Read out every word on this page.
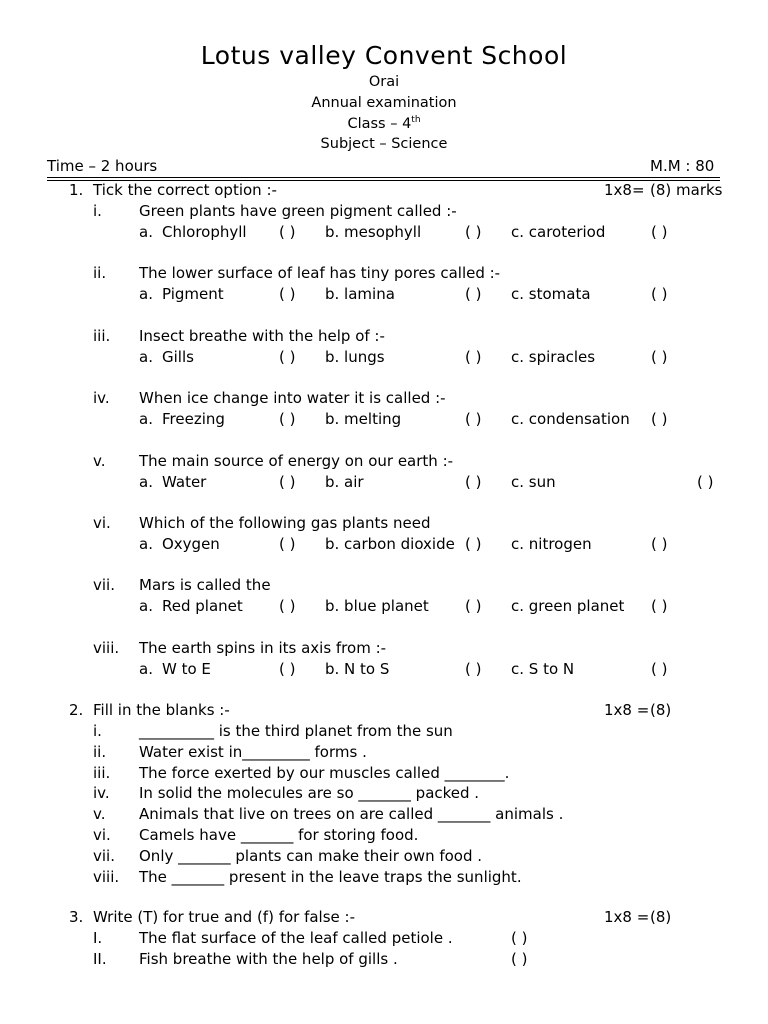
Lotus valley Convent School
Orai
Annual examination
Class – 4th
Subject – Science
Time – 2 hours	M.M : 80
1. Tick the correct option :-	1x8= (8) marks
i. Green plants have green pigment called :-
a. Chlorophyll ( ) b. mesophyll	( ) c. caroteriod	( )
ii. The lower surface of leaf has tiny pores called :-
a. Pigment	( ) b. lamina	( ) c. stomata	( )
iii. Insect breathe with the help of :-
a. Gills	( ) b. lungs	( ) c. spiracles	( )
iv. When ice change into water it is called :-
a. Freezing	( ) b. melting	( ) c. condensation ( )
v. The main source of energy on our earth :-
a. Water	( ) b. air	( ) c. sun	( )
vi. Which of the following gas plants need
a. Oxygen	( ) b. carbon dioxide ( ) c. nitrogen	( )
vii. Mars is called the
a. Red planet ( ) b. blue planet ( ) c. green planet ( )
viii. The earth spins in its axis from :-
a. W to E	( ) b. N to S	( ) c. S to N	( )
2. Fill in the blanks :-	1x8 = (8)
i. __________ is the third planet from the sun
ii. Water exist in_________ forms .
iii. The force exerted by our muscles called ________.
iv. In solid the molecules are so _______ packed .
v. Animals that live on trees on are called _______ animals .
vi. Camels have _______ for storing food.
vii. Only _______ plants can make their own food .
viii. The _______ present in the leave traps the sunlight.
3. Write (T) for true and (f) for false :-	1x8 = (8)
I. The flat surface of the leaf called petiole .	( )
II. Fish breathe with the help of gills .	( )
